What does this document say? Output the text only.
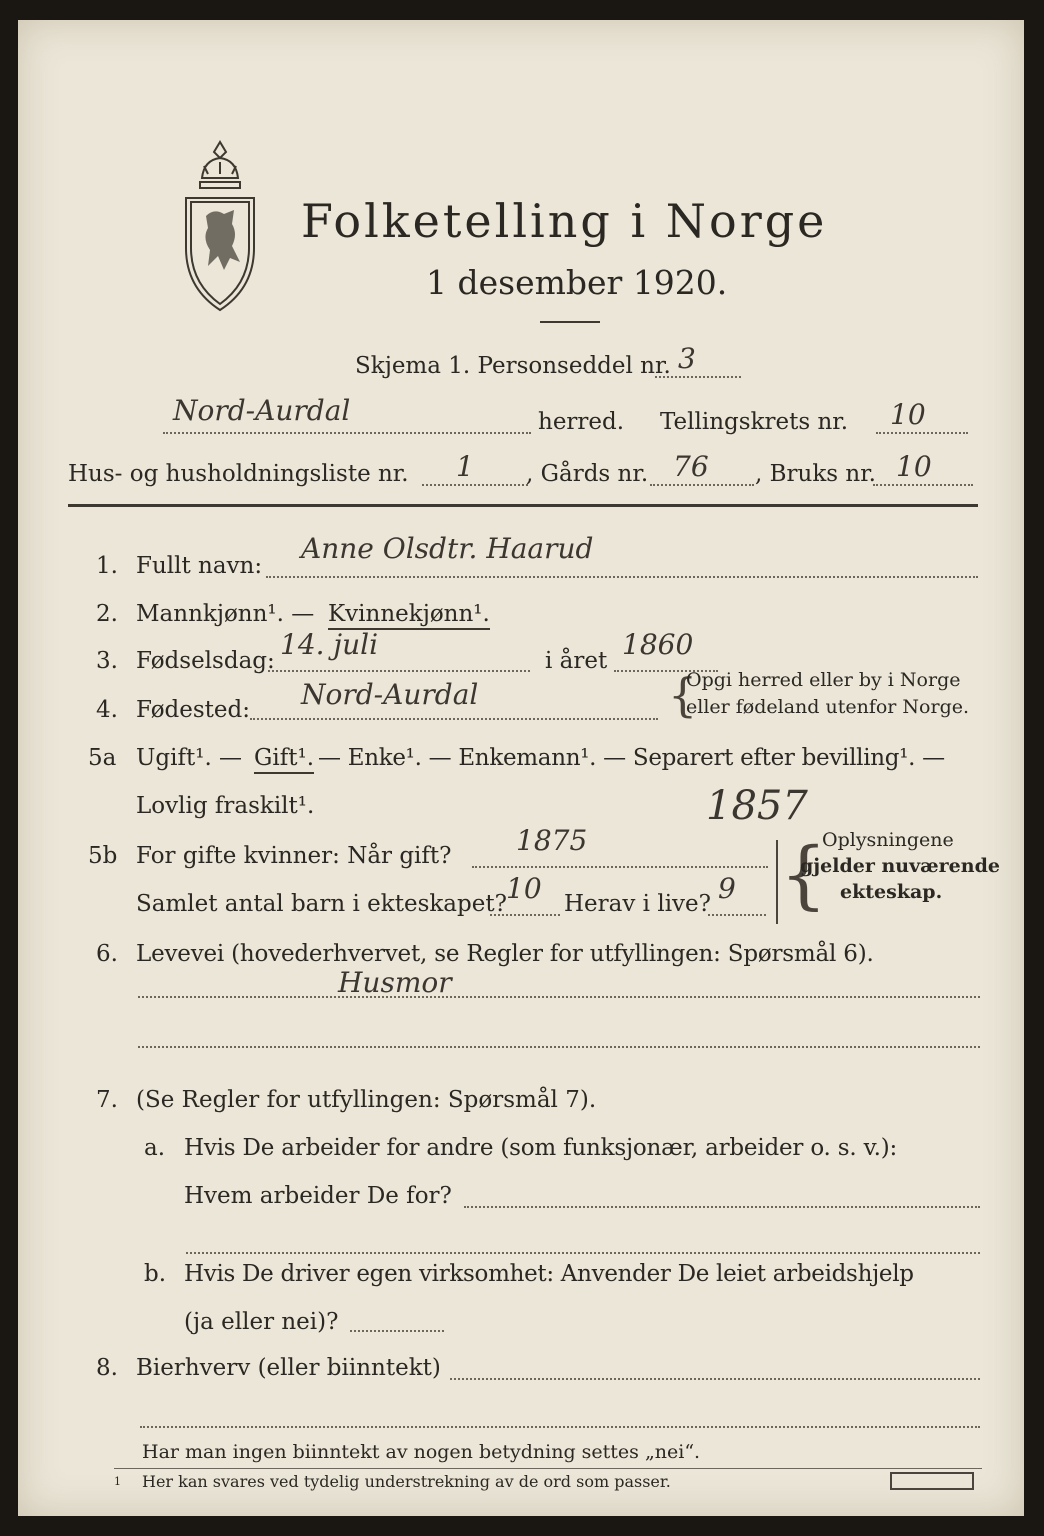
Folketelling i Norge
1 desember 1920.
Skjema 1. Personseddel nr. 3
Nord-Aurdal	herred. Tellingskrets nr. 10
Hus- og husholdningsliste nr. 1 , Gårds nr. 76 , Bruks nr. 10
1. Fullt navn:
Anne Olsdtr. Haarud
2. Mannkjønn¹. — Kvinnekjønn¹.
3. Fødselsdag: 14. juli	i året 1860
4. Fødested: Nord-Aurdal	{
Opgi herred eller by i Norge
eller fødeland utenfor Norge.
5a Ugift¹. — Gift¹. — Enke¹. — Enkemann¹. — Separert efter bevilling¹. —
Lovlig fraskilt¹.
5b For gifte kvinner: Når gift? 1875
1857
Samlet antal barn i ekteskapet? 10 Herav i live? 9 {
Oplysningene
gjelder nuværende
ekteskap.
6. Levevei (hovederhvervet, se Regler for utfyllingen: Spørsmål 6).
Husmor
7. (Se Regler for utfyllingen: Spørsmål 7).
a. Hvis De arbeider for andre (som funksjonær, arbeider o. s. v.):
Hvem arbeider De for?
b. Hvis De driver egen virksomhet: Anvender De leiet arbeidshjelp
(ja eller nei)?
8. Bierhverv (eller biinntekt)
Har man ingen biinntekt av nogen betydning settes „nei“.
1 Her kan svares ved tydelig understrekning av de ord som passer.
